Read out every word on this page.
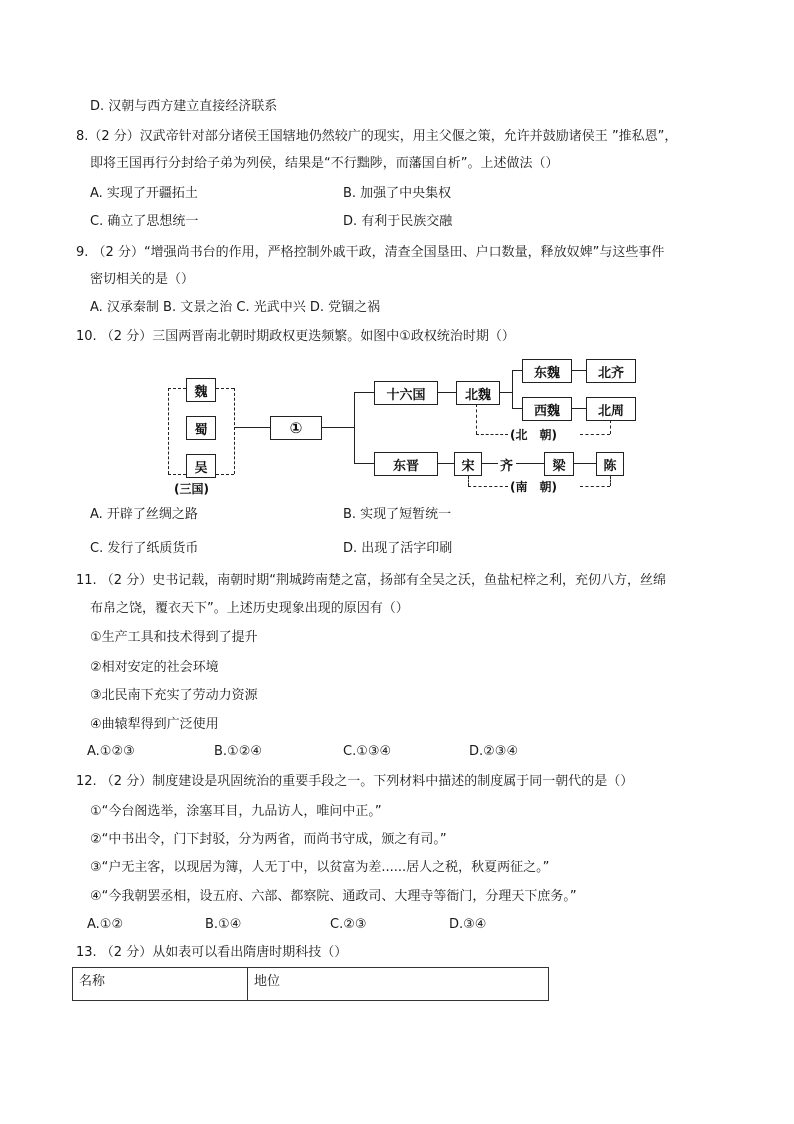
D. 汉朝与西方建立直接经济联系
8.（2 分）汉武帝针对部分诸侯王国辖地仍然较广的现实，用主父偃之策，允许并鼓励诸侯王 ”推私恩”，
即将王国再行分封给子弟为列侯，结果是“不行黜陟，而藩国自析”。上述做法（）
A. 实现了开疆拓土	B. 加强了中央集权
C. 确立了思想统一	D. 有利于民族交融
9. （2 分）“增强尚书台的作用，严格控制外戚干政，清查全国垦田、户口数量，释放奴婢”与这些事件
密切相关的是（）
A. 汉承秦制 B. 文景之治 C. 光武中兴 D. 党锢之祸
10. （2 分）三国两晋南北朝时期政权更迭频繁。如图中①政权统治时期（）
魏
蜀
吴
(三国)
①
十六国	北魏
东魏	北齐
西魏	北周
(北　朝)
东晋	宋 齐	梁	陈
(南　朝)
A. 开辟了丝绸之路	B. 实现了短暂统一
C. 发行了纸质货币	D. 出现了活字印刷
11. （2 分）史书记载，南朝时期“荆城跨南楚之富，扬部有全吴之沃，鱼盐杞梓之利，充仞八方，丝绵
布帛之饶，覆衣天下”。上述历史现象出现的原因有（）
①生产工具和技术得到了提升
②相对安定的社会环境
③北民南下充实了劳动力资源
④曲辕犁得到广泛使用
A.①②③	B.①②④	C.①③④	D.②③④
12. （2 分）制度建设是巩固统治的重要手段之一。下列材料中描述的制度属于同一朝代的是（）
①“今台阁选举，涂塞耳目，九品访人，唯问中正。”
②“中书出令，门下封驳，分为两省，而尚书守成，颁之有司。”
③“户无主客，以现居为簿，人无丁中，以贫富为差......居人之税，秋夏两征之。”
④“今我朝罢丞相，设五府、六部、都察院、通政司、大理寺等衙门，分理天下庶务。”
A.①②	B.①④	C.②③	D.③④
13. （2 分）从如表可以看出隋唐时期科技（）
名称	地位
